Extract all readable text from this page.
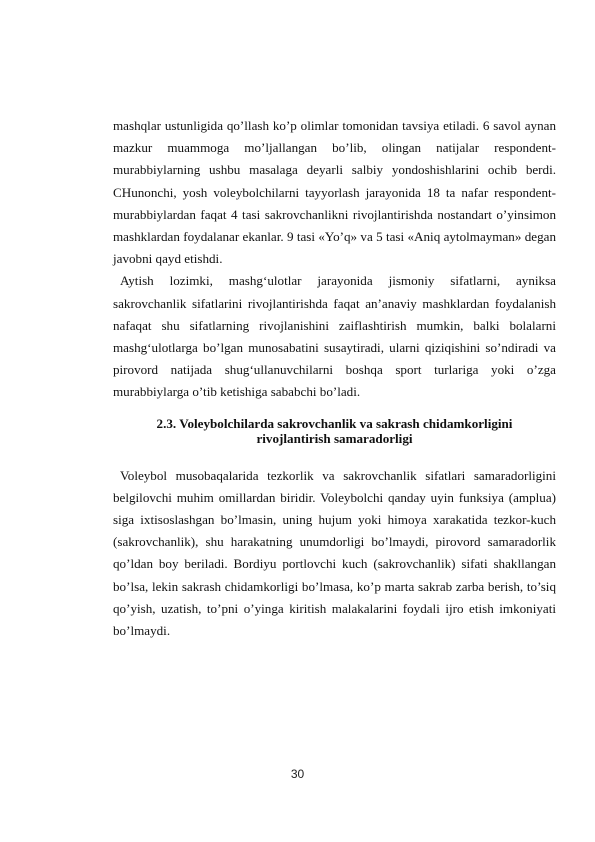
mashqlar ustunligida qo’llash ko’p olimlar tomonidan tavsiya etiladi. 6 savol aynan mazkur muammoga mo’ljallangan bo’lib, olingan natijalar respondent-murabbiylarning ushbu masalaga deyarli salbiy yondoshishlarini ochib berdi. CHunonchi, yosh voleybolchilarni tayyorlash jarayonida 18 ta nafar respondent-murabbiylardan faqat 4 tasi sakrovchanlikni rivojlantirishda nostandart o’yinsimon mashklardan foydalanar ekanlar. 9 tasi «Yo’q» va 5 tasi «Aniq aytolmayman» degan javobni qayd etishdi.

Aytish lozimki, mashg‘ulotlar jarayonida jismoniy sifatlarni, ayniksa sakrovchanlik sifatlarini rivojlantirishda faqat an’anaviy mashklardan foydalanish nafaqat shu sifatlarning rivojlanishini zaiflashtirish mumkin, balki bolalarni mashg‘ulotlarga bo’lgan munosabatini susaytiradi, ularni qiziqishini so’ndiradi va pirovord natijada shug‘ullanuvchilarni boshqa sport turlariga yoki o’zga murabbiylarga o’tib ketishiga sababchi bo’ladi.

2.3. Voleybolchilarda sakrovchanlik va sakrash chidamkorligini
rivojlantirish samaradorligi

Voleybol musobaqalarida tezkorlik va sakrovchanlik sifatlari samaradorligini belgilovchi muhim omillardan biridir. Voleybolchi qanday uyin funksiya (amplua) siga ixtisoslashgan bo’lmasin, uning hujum yoki himoya xarakatida tezkor-kuch (sakrovchanlik), shu harakatning unumdorligi bo’lmaydi, pirovord samaradorlik qo’ldan boy beriladi. Bordiyu portlovchi kuch (sakrovchanlik) sifati shakllangan bo’lsa, lekin sakrash chidamkorligi bo’lmasa, ko’p marta sakrab zarba berish, to’siq qo’yish, uzatish, to’pni o’yinga kiritish malakalarini foydali ijro etish imkoniyati bo’lmaydi.

30
